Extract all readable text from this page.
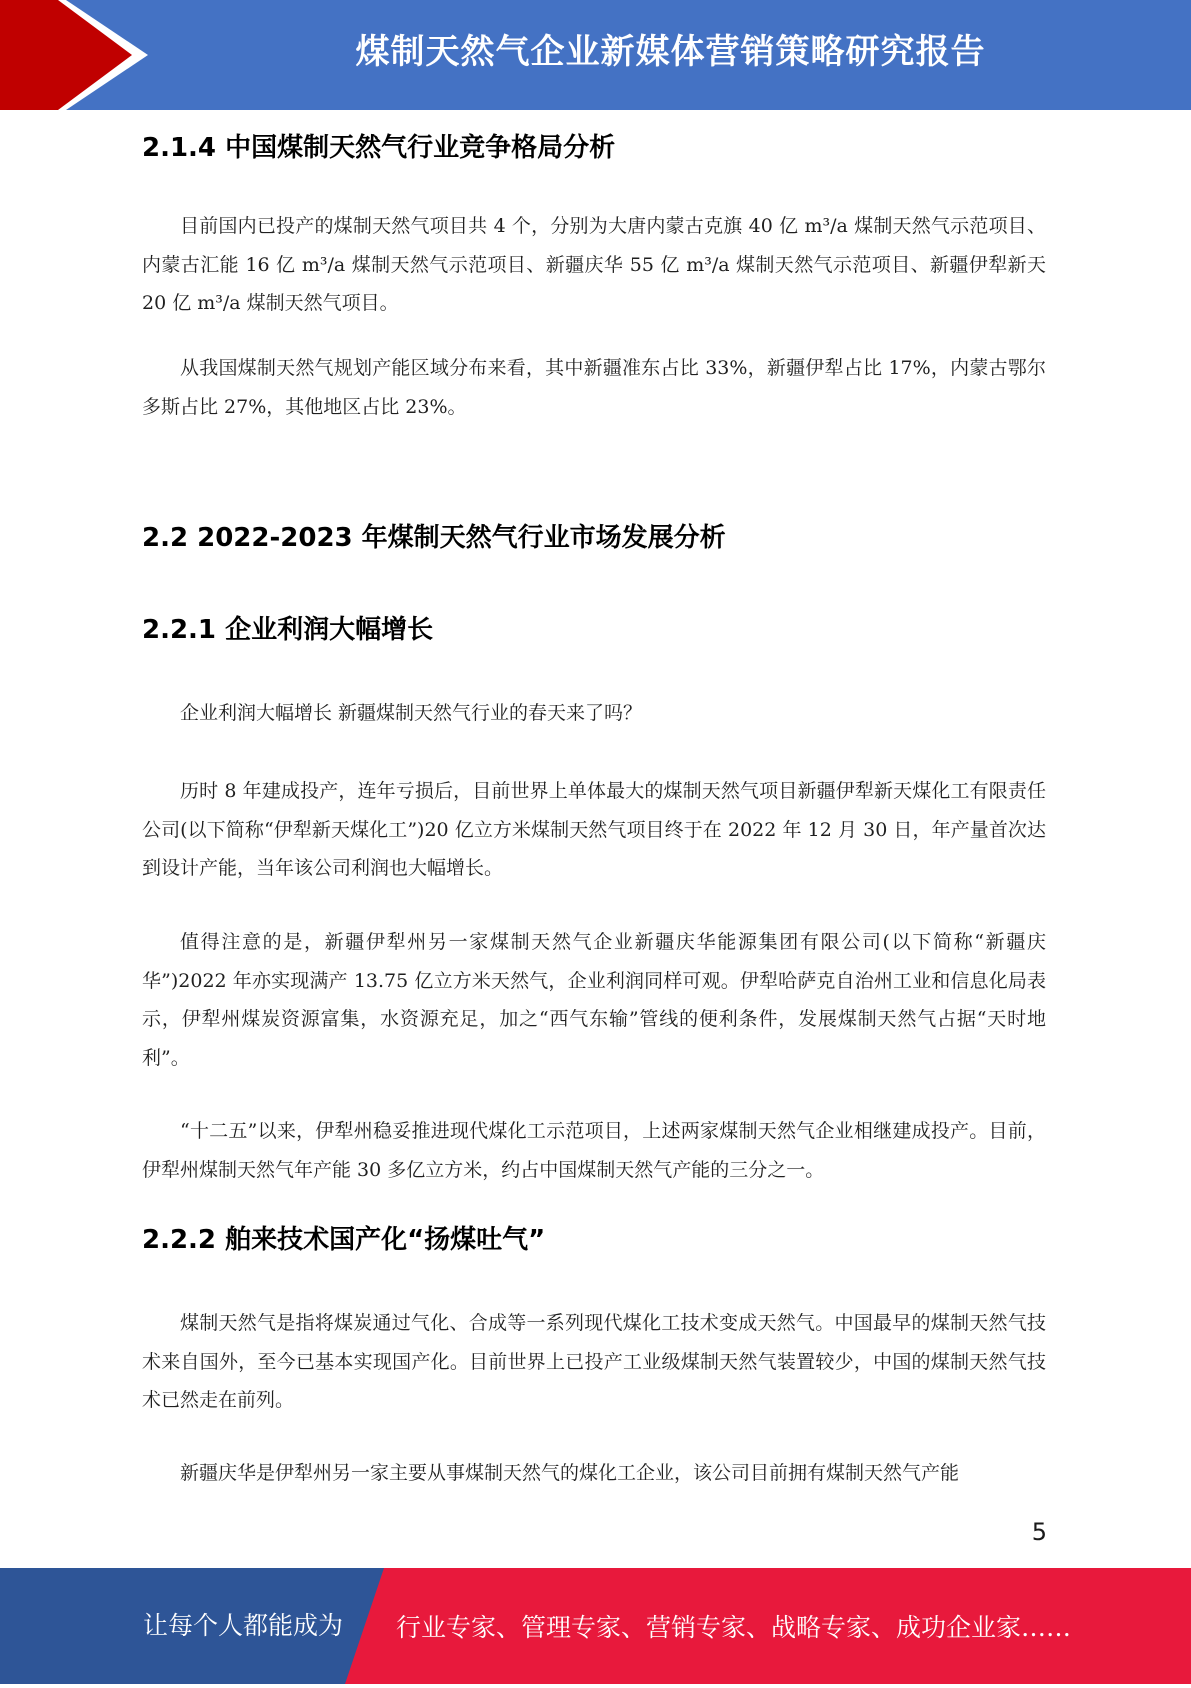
煤制天然气企业新媒体营销策略研究报告
2.1.4 中国煤制天然气行业竞争格局分析

目前国内已投产的煤制天然气项目共 4 个，分别为大唐内蒙古克旗 40 亿 m³/a 煤制天然气示范项目、内蒙古汇能 16 亿 m³/a 煤制天然气示范项目、新疆庆华 55 亿 m³/a 煤制天然气示范项目、新疆伊犁新天 20 亿 m³/a 煤制天然气项目。

从我国煤制天然气规划产能区域分布来看，其中新疆准东占比 33%，新疆伊犁占比 17%，内蒙古鄂尔多斯占比 27%，其他地区占比 23%。

2.2 2022-2023 年煤制天然气行业市场发展分析
2.2.1 企业利润大幅增长

企业利润大幅增长 新疆煤制天然气行业的春天来了吗？

历时 8 年建成投产，连年亏损后，目前世界上单体最大的煤制天然气项目新疆伊犁新天煤化工有限责任公司(以下简称“伊犁新天煤化工”)20 亿立方米煤制天然气项目终于在 2022 年 12 月 30 日，年产量首次达到设计产能，当年该公司利润也大幅增长。

值得注意的是，新疆伊犁州另一家煤制天然气企业新疆庆华能源集团有限公司(以下简称“新疆庆华”)2022 年亦实现满产 13.75 亿立方米天然气，企业利润同样可观。伊犁哈萨克自治州工业和信息化局表示，伊犁州煤炭资源富集，水资源充足，加之“西气东输”管线的便利条件，发展煤制天然气占据“天时地利”。

“十二五”以来，伊犁州稳妥推进现代煤化工示范项目，上述两家煤制天然气企业相继建成投产。目前，伊犁州煤制天然气年产能 30 多亿立方米，约占中国煤制天然气产能的三分之一。

2.2.2 舶来技术国产化“扬煤吐气”

煤制天然气是指将煤炭通过气化、合成等一系列现代煤化工技术变成天然气。中国最早的煤制天然气技术来自国外，至今已基本实现国产化。目前世界上已投产工业级煤制天然气装置较少，中国的煤制天然气技术已然走在前列。

新疆庆华是伊犁州另一家主要从事煤制天然气的煤化工企业，该公司目前拥有煤制天然气产能

5
让每个人都能成为 行业专家、管理专家、营销专家、战略专家、成功企业家……
